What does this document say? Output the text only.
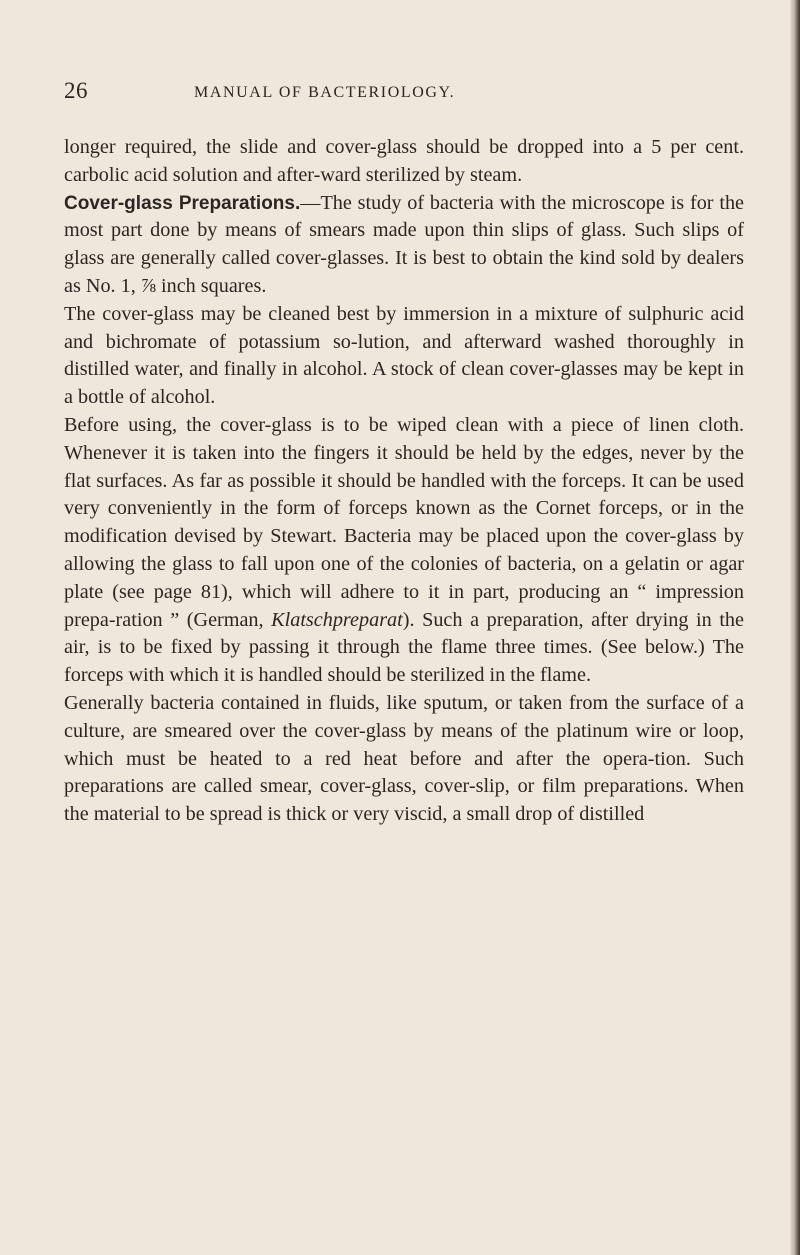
26	MANUAL OF BACTERIOLOGY.

longer required, the slide and cover-glass should be dropped into a 5 per cent. carbolic acid solution and after-ward sterilized by steam.

Cover-glass Preparations.—The study of bacteria with the microscope is for the most part done by means of smears made upon thin slips of glass. Such slips of glass are generally called cover-glasses. It is best to obtain the kind sold by dealers as No. 1, ⅞ inch squares.

The cover-glass may be cleaned best by immersion in a mixture of sulphuric acid and bichromate of potassium so-lution, and afterward washed thoroughly in distilled water, and finally in alcohol. A stock of clean cover-glasses may be kept in a bottle of alcohol.

Before using, the cover-glass is to be wiped clean with a piece of linen cloth. Whenever it is taken into the fingers it should be held by the edges, never by the flat surfaces. As far as possible it should be handled with the forceps. It can be used very conveniently in the form of forceps known as the Cornet forceps, or in the modification devised by Stewart. Bacteria may be placed upon the cover-glass by allowing the glass to fall upon one of the colonies of bacteria, on a gelatin or agar plate (see page 81), which will adhere to it in part, producing an “ impression prepa-ration ” (German, Klatschpreparat). Such a preparation, after drying in the air, is to be fixed by passing it through the flame three times. (See below.) The forceps with which it is handled should be sterilized in the flame.

Generally bacteria contained in fluids, like sputum, or taken from the surface of a culture, are smeared over the cover-glass by means of the platinum wire or loop, which must be heated to a red heat before and after the opera-tion. Such preparations are called smear, cover-glass, cover-slip, or film preparations. When the material to be spread is thick or very viscid, a small drop of distilled
